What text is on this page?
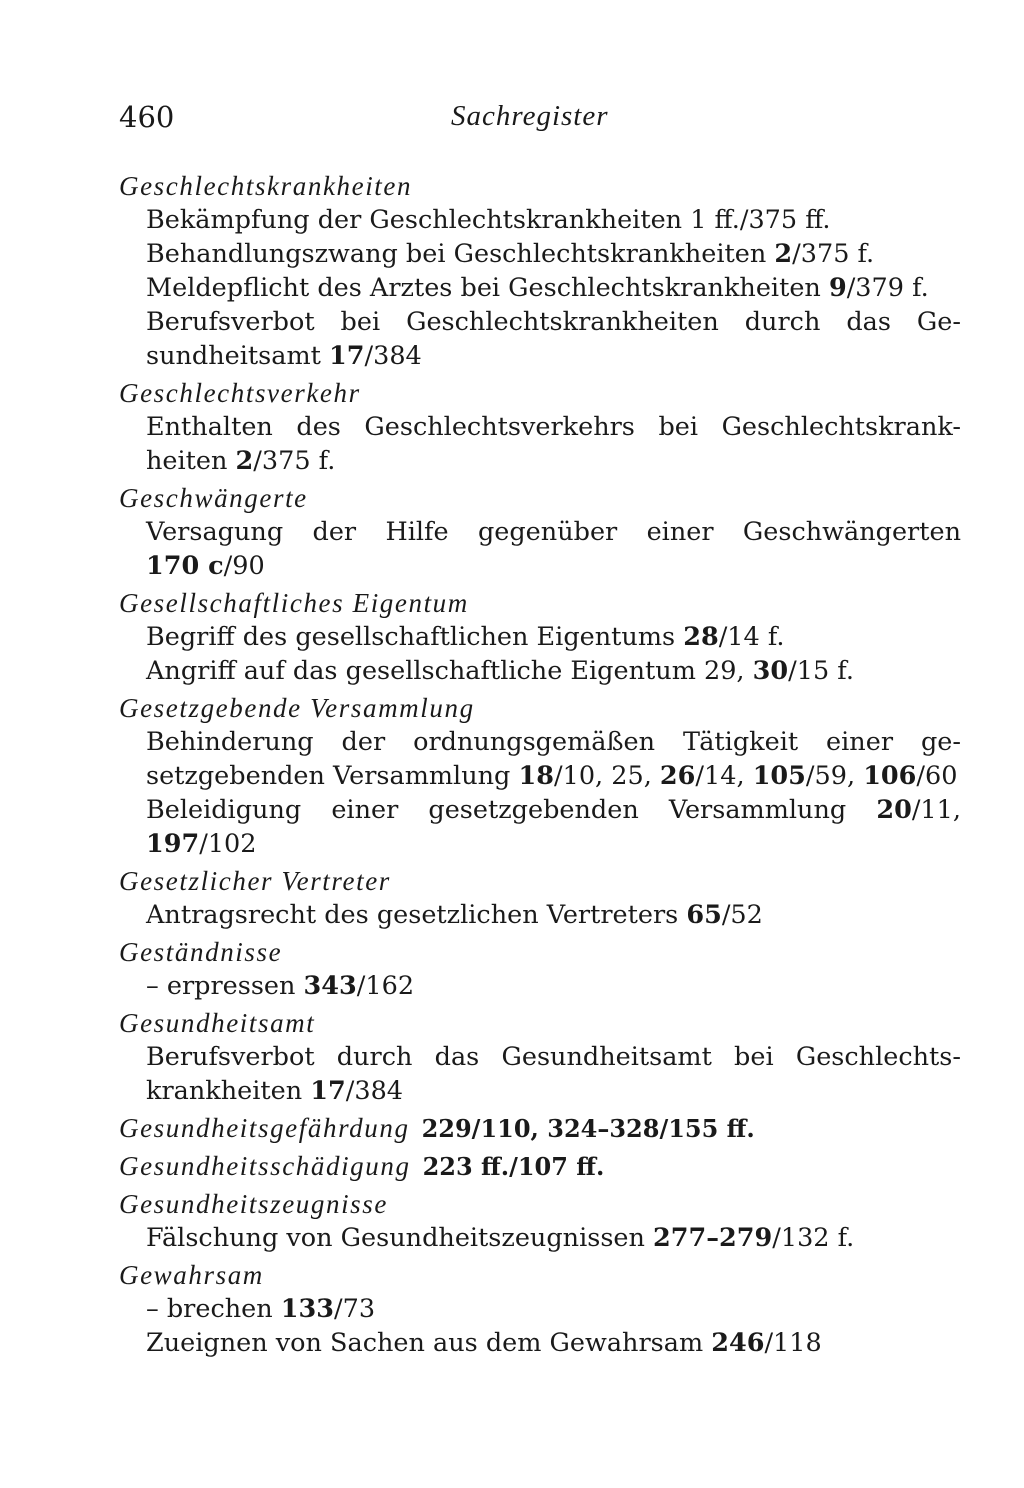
460	Sachregister
Geschlechtskrankheiten
Bekämpfung der Geschlechtskrankheiten 1 ff./375 ff.
Behandlungszwang bei Geschlechtskrankheiten 2/375 f.
Meldepflicht des Arztes bei Geschlechtskrankheiten 9/379 f.
Berufsverbot bei Geschlechtskrankheiten durch das Ge-
sundheitsamt 17/384
Geschlechtsverkehr
Enthalten des Geschlechtsverkehrs bei Geschlechtskrank-
heiten 2/375 f.
Geschwängerte
Versagung der Hilfe gegenüber einer Geschwängerten
170 c/90
Gesellschaftliches Eigentum
Begriff des gesellschaftlichen Eigentums 28/14 f.
Angriff auf das gesellschaftliche Eigentum 29, 30/15 f.
Gesetzgebende Versammlung
Behinderung der ordnungsgemäßen Tätigkeit einer ge-
setzgebenden Versammlung 18/10, 25, 26/14, 105/59, 106/60
Beleidigung einer gesetzgebenden Versammlung 20/11,
197/102
Gesetzlicher Vertreter
Antragsrecht des gesetzlichen Vertreters 65/52
Geständnisse
– erpressen 343/162
Gesundheitsamt
Berufsverbot durch das Gesundheitsamt bei Geschlechts-
krankheiten 17/384
Gesundheitsgefährdung 229/110, 324–328/155 ff.
Gesundheitsschädigung 223 ff./107 ff.
Gesundheitszeugnisse
Fälschung von Gesundheitszeugnissen 277–279/132 f.
Gewahrsam
– brechen 133/73
Zueignen von Sachen aus dem Gewahrsam 246/118
